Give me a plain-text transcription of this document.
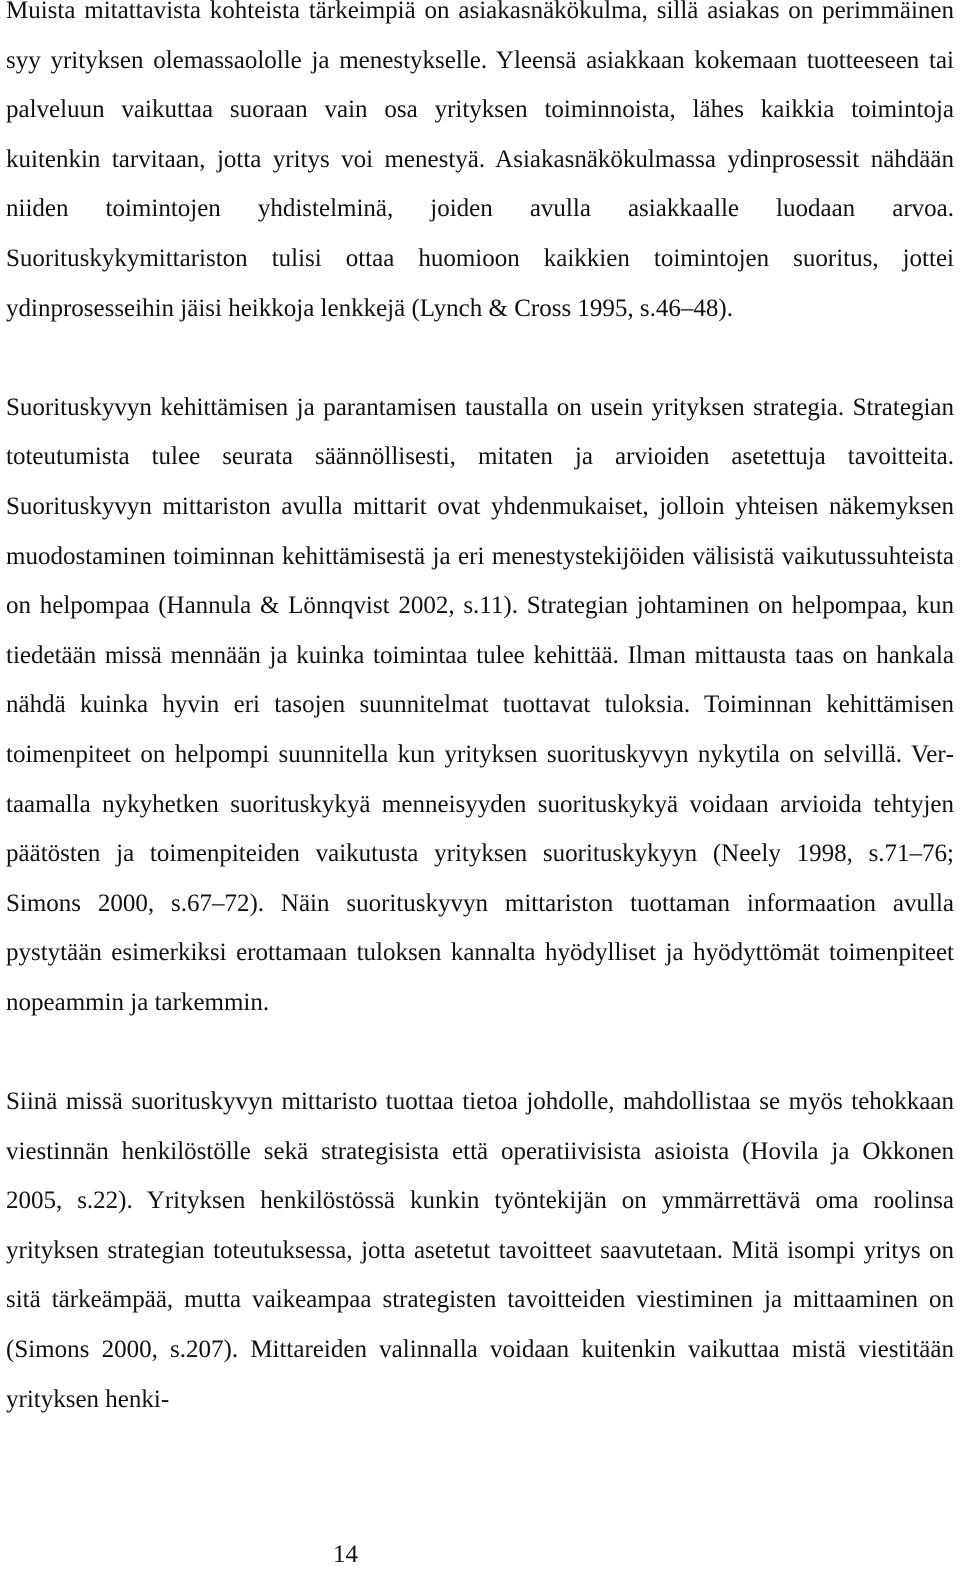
Muista mitattavista kohteista tärkeimpiä on asiakasnäkökulma, sillä asiakas on perimmäinen syy yrityksen olemassaololle ja menestykselle. Yleensä asiakkaan kokemaan tuotteeseen tai palveluun vaikuttaa suoraan vain osa yrityksen toiminnoista, lähes kaikkia toimintoja kuitenkin tarvitaan, jotta yritys voi menestyä. Asiakasnäkökulmassa ydinprosessit nähdään niiden toimintojen yhdistelminä, joiden avulla asiakkaalle luodaan arvoa. Suorituskykymittariston tulisi ottaa huomioon kaikkien toimintojen suoritus, jottei ydinprosesseihin jäisi heikkoja lenkkejä (Lynch & Cross 1995, s.46–48).

Suorituskyvyn kehittämisen ja parantamisen taustalla on usein yrityksen strategia. Strategian toteutumista tulee seurata säännöllisesti, mitaten ja arvioiden asetettuja tavoitteita. Suorituskyvyn mittariston avulla mittarit ovat yhdenmukaiset, jolloin yhteisen näkemyksen muodostaminen toiminnan kehittämisestä ja eri menestystekijöiden välisistä vaikutussuhteista on helpompaa (Hannula & Lönnqvist 2002, s.11). Strategian johtaminen on helpompaa, kun tiedetään missä mennään ja kuinka toimintaa tulee kehittää. Ilman mittausta taas on hankala nähdä kuinka hyvin eri tasojen suunnitelmat tuottavat tuloksia. Toiminnan kehittämisen toimenpiteet on helpompi suunnitella kun yrityksen suorituskyvyn nykytila on selvillä. Vertaamalla nykyhetken suorituskykyä menneisyyden suorituskykyä voidaan arvioida tehtyjen päätösten ja toimenpiteiden vaikutusta yrityksen suorituskykyyn (Neely 1998, s.71–76; Simons 2000, s.67–72). Näin suorituskyvyn mittariston tuottaman informaation avulla pystytään esimerkiksi erottamaan tuloksen kannalta hyödylliset ja hyödyttömät toimenpiteet nopeammin ja tarkemmin.

Siinä missä suorituskyvyn mittaristo tuottaa tietoa johdolle, mahdollistaa se myös tehokkaan viestinnän henkilöstölle sekä strategisista että operatiivisista asioista (Hovila ja Okkonen 2005, s.22). Yrityksen henkilöstössä kunkin työntekijän on ymmärrettävä oma roolinsa yrityksen strategian toteutuksessa, jotta asetetut tavoitteet saavutetaan. Mitä isompi yritys on sitä tärkeämpää, mutta vaikeampaa strategisten tavoitteiden viestiminen ja mittaaminen on (Simons 2000, s.207). Mittareiden valinnalla voidaan kuitenkin vaikuttaa mistä viestitään yrityksen henki-

14
